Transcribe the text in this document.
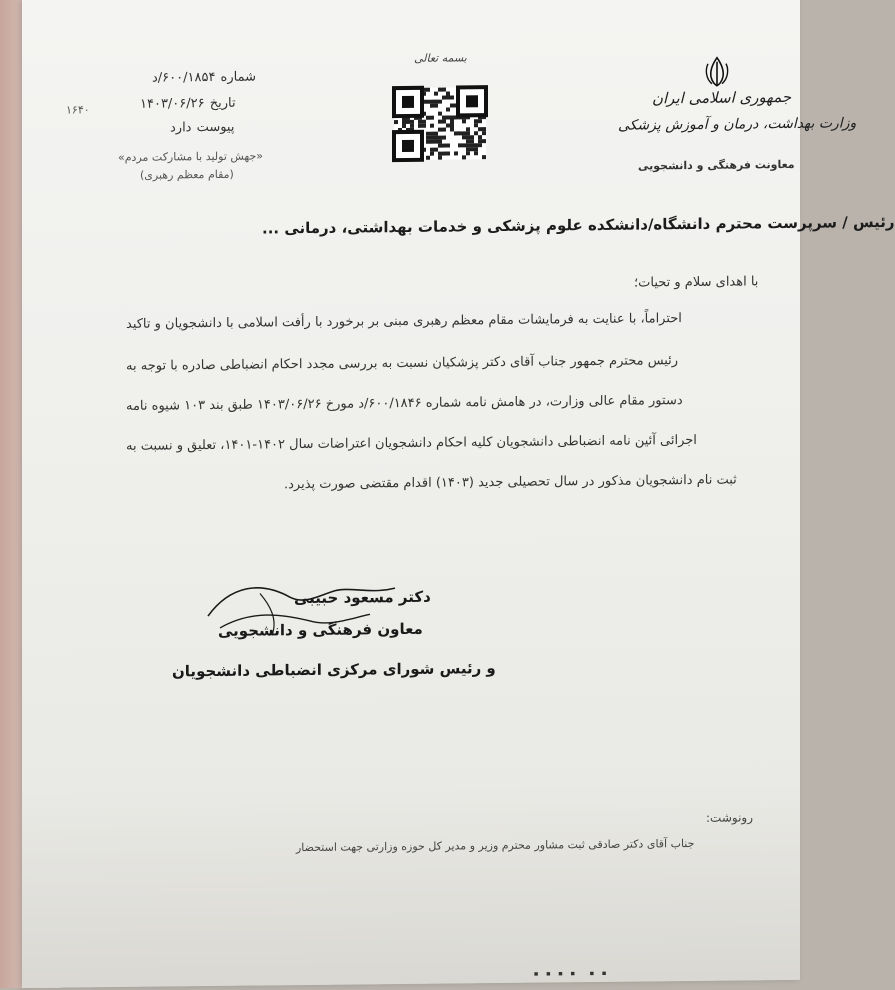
شماره ۶۰۰/۱۸۵۴/د
تاریخ ۱۴۰۳/۰۶/۲۶
پیوست دارد
۱۶۴۰
«جهش تولید با مشارکت مردم»
(مقام معظم رهبری)
بسمه تعالی
جمهوری اسلامی ایران
وزارت بهداشت، درمان و آموزش پزشکی
معاونت فرهنگی و دانشجویی
رئیس / سرپرست محترم دانشگاه/دانشکده علوم پزشکی و خدمات بهداشتی، درمانی ...
با اهدای سلام و تحیات؛
احتراماً، با عنایت به فرمایشات مقام معظم رهبری مبنی بر برخورد با رأفت اسلامی با دانشجویان و تاکید
رئیس محترم جمهور جناب آقای دکتر پزشکیان نسبت به بررسی مجدد احکام انضباطی صادره با توجه به
دستور مقام عالی وزارت، در هامش نامه شماره ۶۰۰/۱۸۴۶/د مورخ ۱۴۰۳/۰۶/۲۶ طبق بند ۱۰۳ شیوه نامه
اجرائی آئین نامه انضباطی دانشجویان کلیه احکام دانشجویان اعتراضات سال ۱۴۰۲-۱۴۰۱، تعلیق و نسبت به
ثبت نام دانشجویان مذکور در سال تحصیلی جدید (۱۴۰۳) اقدام مقتضی صورت پذیرد.
دکتر مسعود حبیبی
معاون فرهنگی و دانشجویی
و رئیس شورای مرکزی انضباطی دانشجویان
رونوشت:
جناب آقای دکتر صادقی ثبت مشاور محترم وزیر و مدیر کل حوزه وزارتی جهت استحضار
۰۰۰۰ ۰۰
